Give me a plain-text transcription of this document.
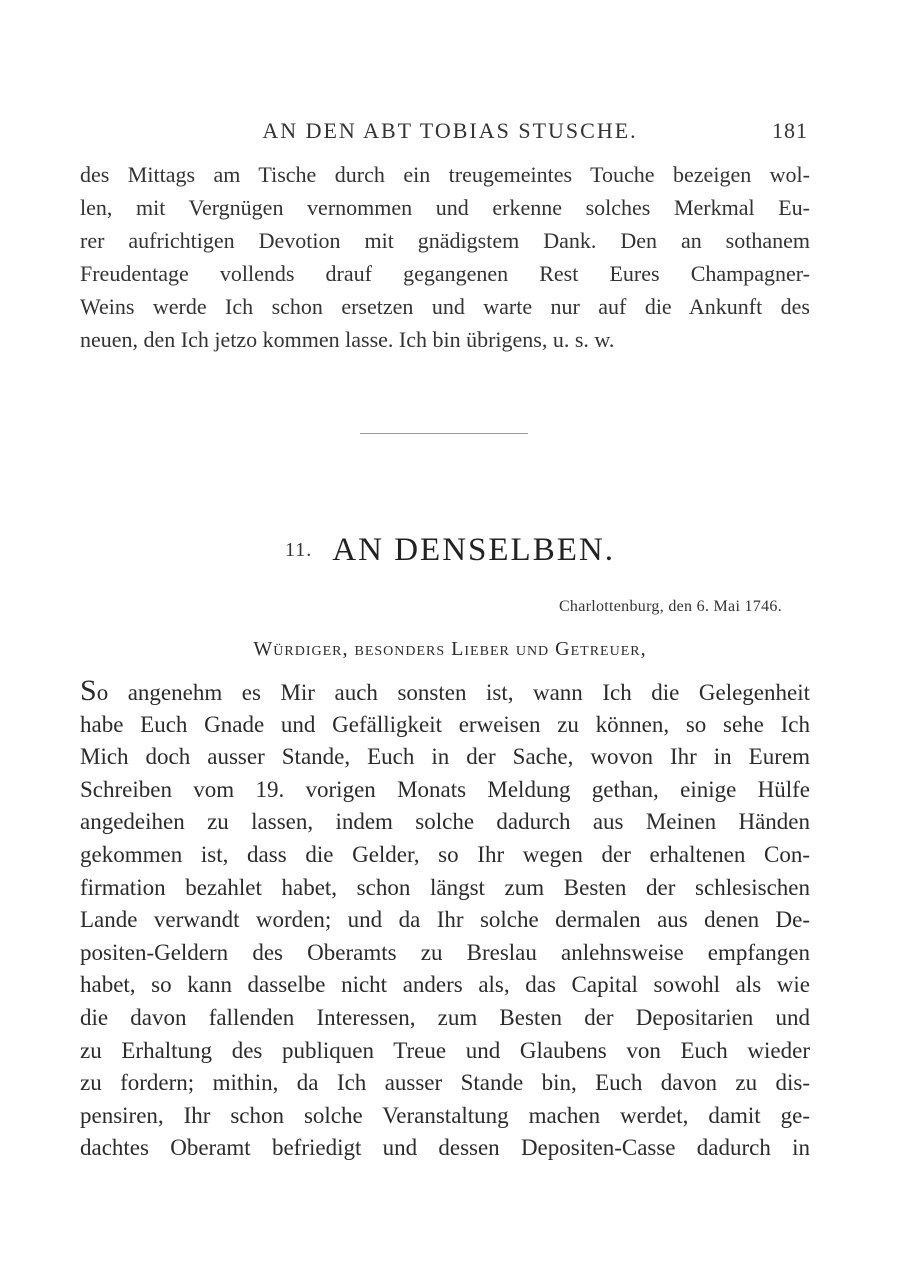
AN DEN ABT TOBIAS STUSCHE.	181
des Mittags am Tische durch ein treugemeintes Touche bezeigen wol-
len, mit Vergnügen vernommen und erkenne solches Merkmal Eu-
rer aufrichtigen Devotion mit gnädigstem Dank. Den an sothanem
Freudentage vollends drauf gegangenen Rest Eures Champagner-
Weins werde Ich schon ersetzen und warte nur auf die Ankunft des
neuen, den Ich jetzo kommen lasse. Ich bin übrigens, u. s. w.
11. AN DENSELBEN.
Charlottenburg, den 6. Mai 1746.
Würdiger, besonders Lieber und Getreuer,
So angenehm es Mir auch sonsten ist, wann Ich die Gelegenheit
habe Euch Gnade und Gefälligkeit erweisen zu können, so sehe Ich
Mich doch ausser Stande, Euch in der Sache, wovon Ihr in Eurem
Schreiben vom 19. vorigen Monats Meldung gethan, einige Hülfe
angedeihen zu lassen, indem solche dadurch aus Meinen Händen
gekommen ist, dass die Gelder, so Ihr wegen der erhaltenen Con-
firmation bezahlet habet, schon längst zum Besten der schlesischen
Lande verwandt worden; und da Ihr solche dermalen aus denen De-
positen-Geldern des Oberamts zu Breslau anlehnsweise empfangen
habet, so kann dasselbe nicht anders als, das Capital sowohl als wie
die davon fallenden Interessen, zum Besten der Depositarien und
zu Erhaltung des publiquen Treue und Glaubens von Euch wieder
zu fordern; mithin, da Ich ausser Stande bin, Euch davon zu dis-
pensiren, Ihr schon solche Veranstaltung machen werdet, damit ge-
dachtes Oberamt befriedigt und dessen Depositen-Casse dadurch in
